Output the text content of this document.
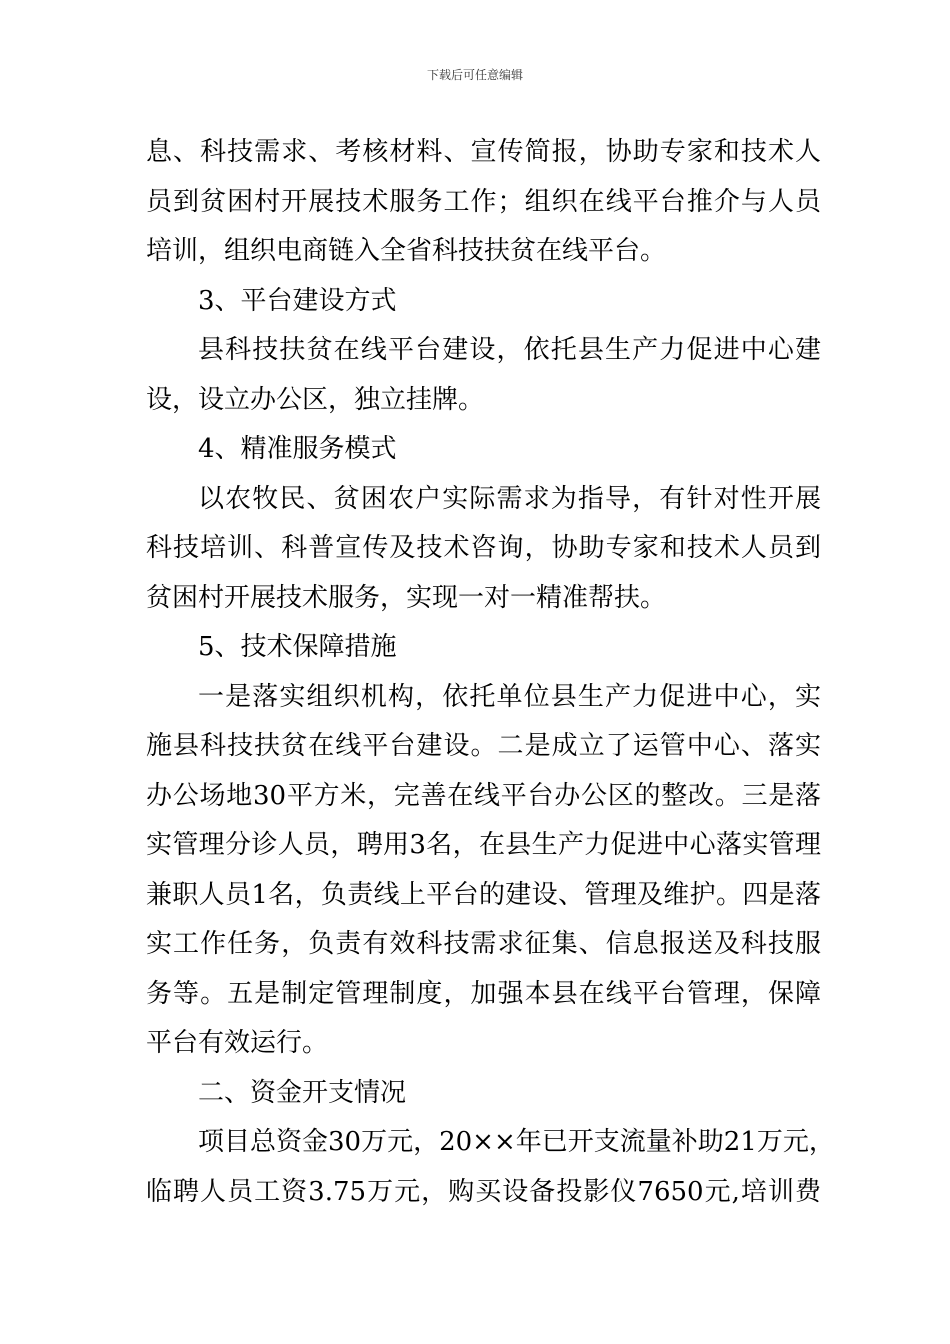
下载后可任意编辑
息、科技需求、考核材料、宣传简报，协助专家和技术人
员到贫困村开展技术服务工作；组织在线平台推介与人员
培训，组织电商链入全省科技扶贫在线平台。
3、平台建设方式
县科技扶贫在线平台建设，依托县生产力促进中心建
设，设立办公区，独立挂牌。
4、精准服务模式
以农牧民、贫困农户实际需求为指导，有针对性开展
科技培训、科普宣传及技术咨询，协助专家和技术人员到
贫困村开展技术服务，实现一对一精准帮扶。
5、技术保障措施
一是落实组织机构，依托单位县生产力促进中心，实
施县科技扶贫在线平台建设。二是成立了运管中心、落实
办公场地30平方米，完善在线平台办公区的整改。三是落
实管理分诊人员，聘用3名，在县生产力促进中心落实管理
兼职人员1名，负责线上平台的建设、管理及维护。四是落
实工作任务，负责有效科技需求征集、信息报送及科技服
务等。五是制定管理制度，加强本县在线平台管理，保障
平台有效运行。
二、资金开支情况
项目总资金30万元，20××年已开支流量补助21万元，
临聘人员工资3.75万元，购买设备投影仪7650元,培训费
